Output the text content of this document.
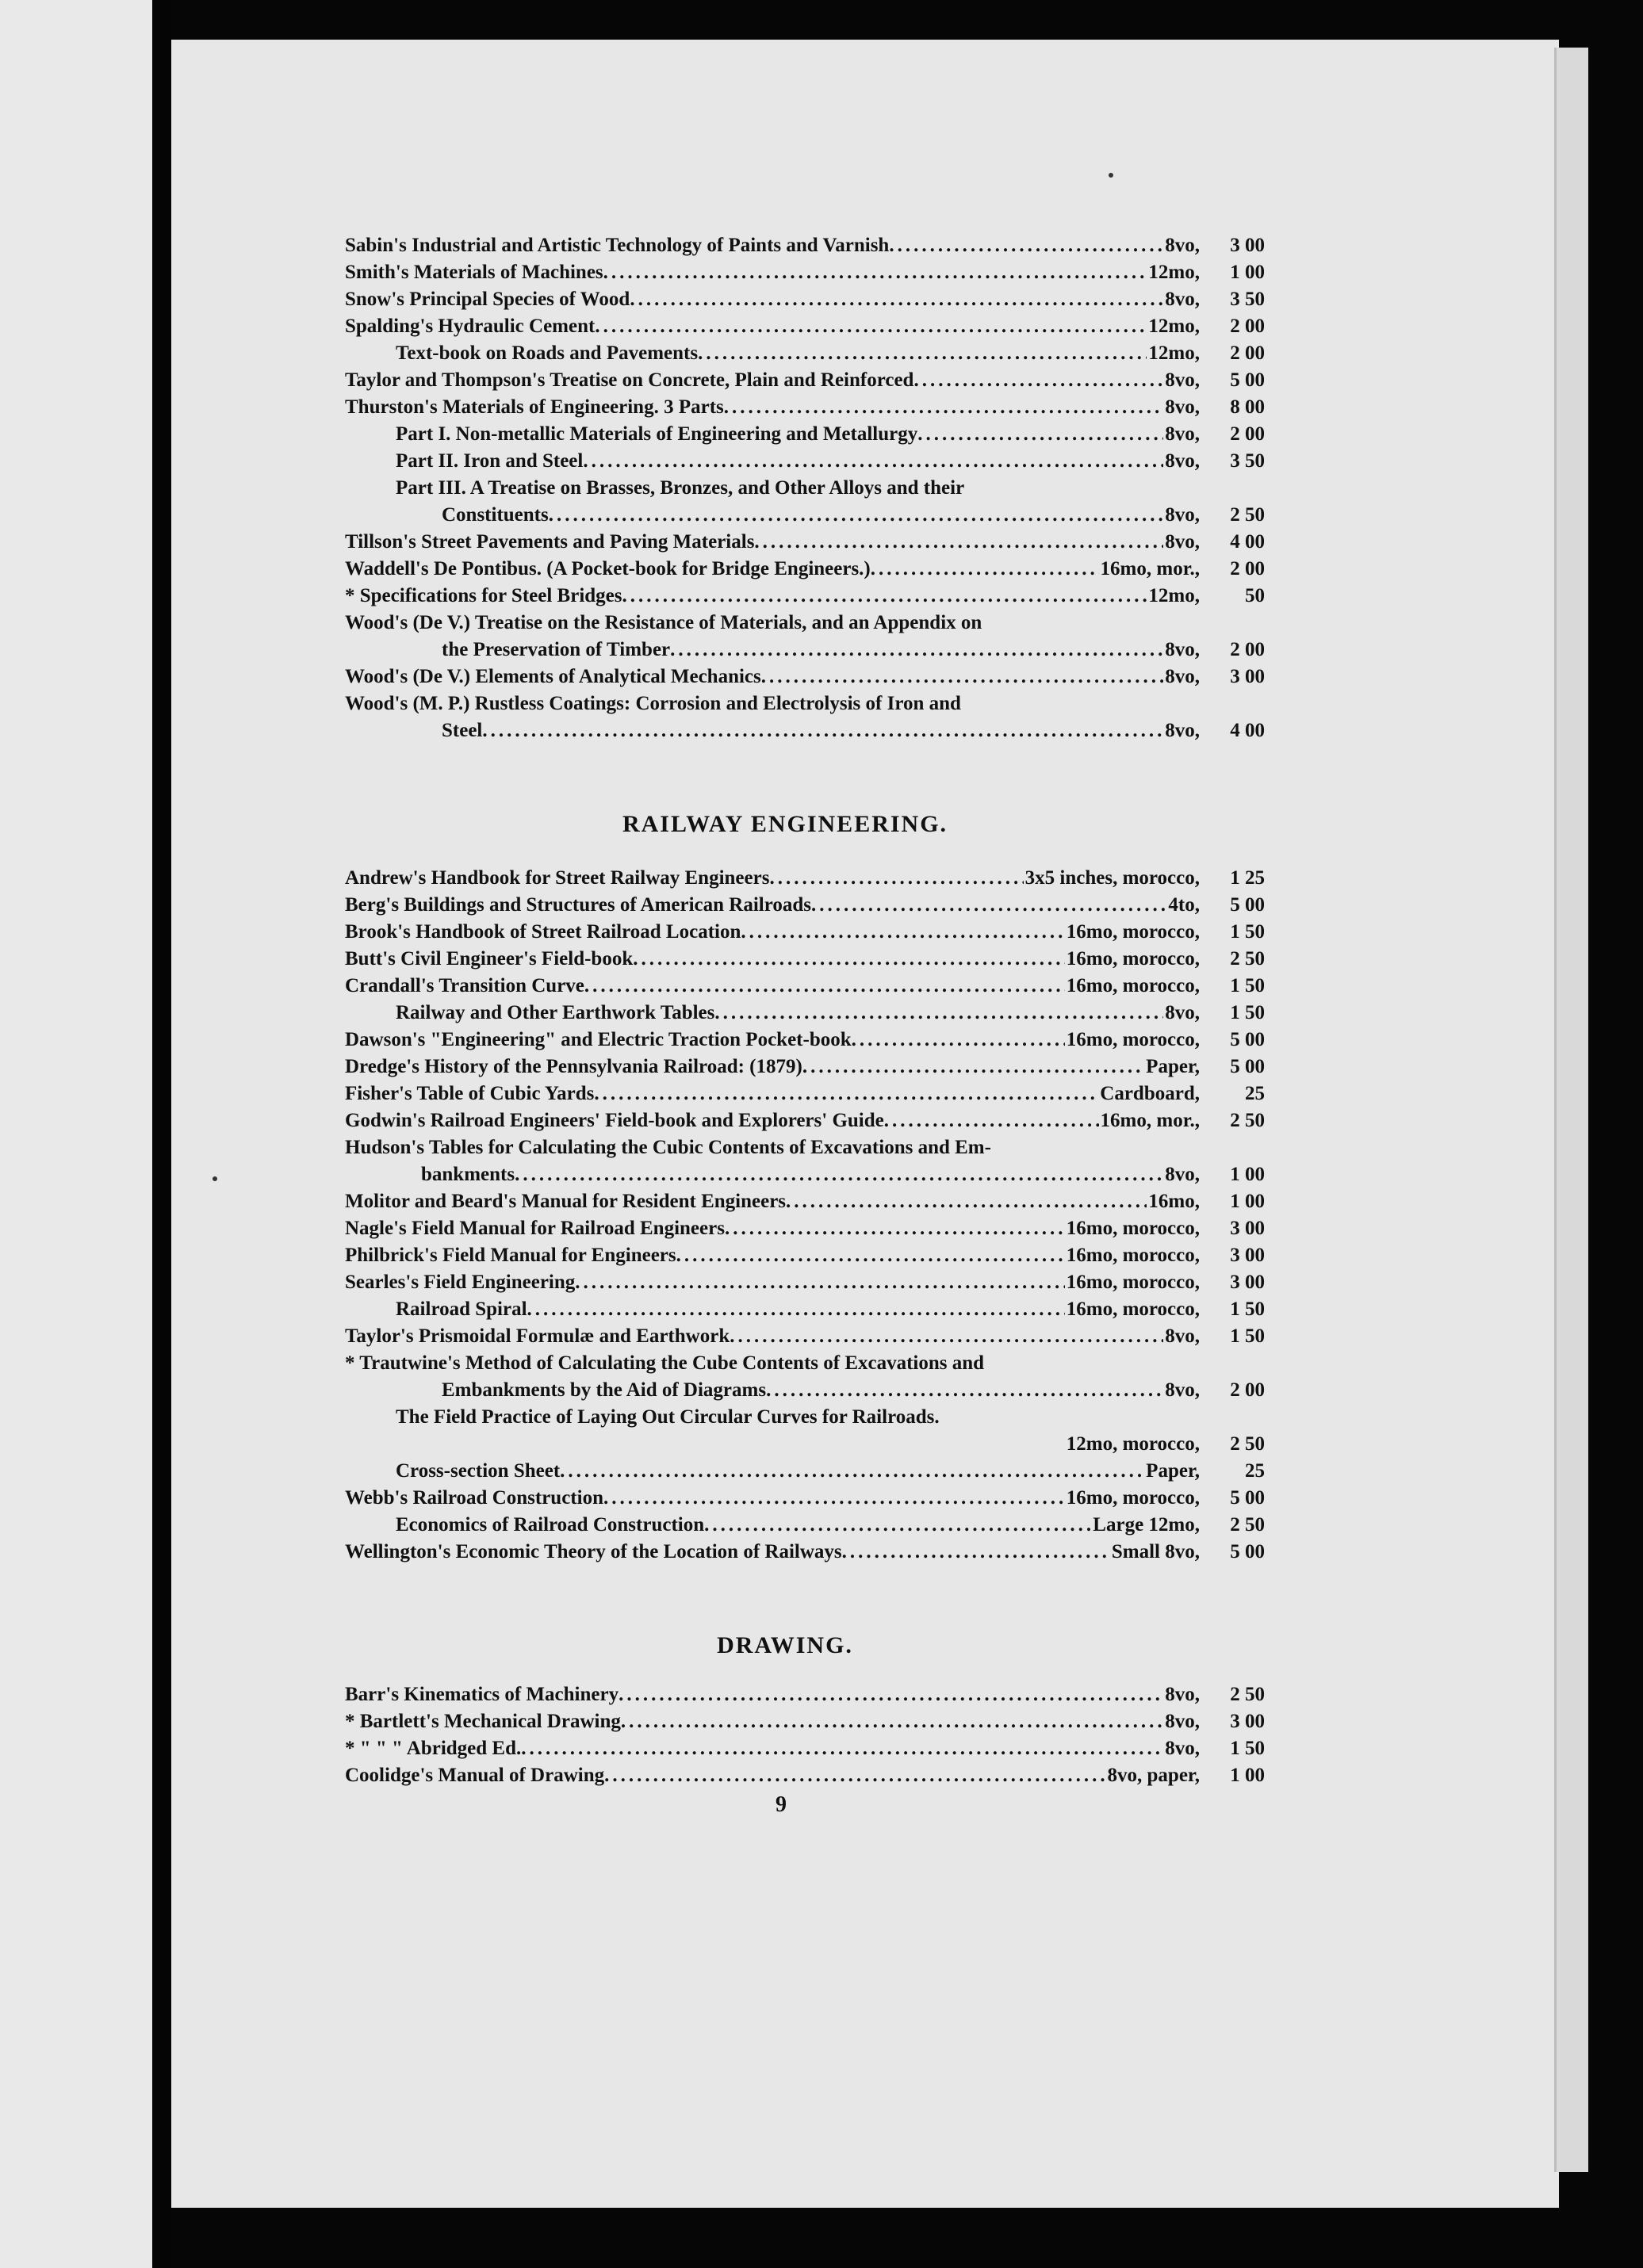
Sabin's Industrial and Artistic Technology of Paints and Varnish .....	8vo,	3 00
Smith's Materials of Machines .....	12mo,	1 00
Snow's Principal Species of Wood .....	8vo,	3 50
Spalding's Hydraulic Cement .....	12mo,	2 00
Text-book on Roads and Pavements .....	12mo,	2 00
Taylor and Thompson's Treatise on Concrete, Plain and Reinforced .....	8vo,	5 00
Thurston's Materials of Engineering. 3 Parts .....	8vo,	8 00
Part I. Non-metallic Materials of Engineering and Metallurgy .....	8vo,	2 00
Part II. Iron and Steel .....	8vo,	3 50
Part III. A Treatise on Brasses, Bronzes, and Other Alloys and their
Constituents .....	8vo,	2 50
Tillson's Street Pavements and Paving Materials .....	8vo,	4 00
Waddell's De Pontibus. (A Pocket-book for Bridge Engineers.) .....	16mo, mor.,	2 00
* Specifications for Steel Bridges .....	12mo,	50
Wood's (De V.) Treatise on the Resistance of Materials, and an Appendix on
the Preservation of Timber .....	8vo,	2 00
Wood's (De V.) Elements of Analytical Mechanics .....	8vo,	3 00
Wood's (M. P.) Rustless Coatings: Corrosion and Electrolysis of Iron and
Steel .....	8vo,	4 00
RAILWAY ENGINEERING.
Andrew's Handbook for Street Railway Engineers .....	3x5 inches, morocco,	1 25
Berg's Buildings and Structures of American Railroads .....	4to,	5 00
Brook's Handbook of Street Railroad Location .....	16mo, morocco,	1 50
Butt's Civil Engineer's Field-book .....	16mo, morocco,	2 50
Crandall's Transition Curve .....	16mo, morocco,	1 50
Railway and Other Earthwork Tables .....	8vo,	1 50
Dawson's "Engineering" and Electric Traction Pocket-book .....	16mo, morocco,	5 00
Dredge's History of the Pennsylvania Railroad: (1879) .....	Paper,	5 00
Fisher's Table of Cubic Yards .....	Cardboard,	25
Godwin's Railroad Engineers' Field-book and Explorers' Guide .....	16mo, mor.,	2 50
Hudson's Tables for Calculating the Cubic Contents of Excavations and Em-
bankments .....	8vo,	1 00
Molitor and Beard's Manual for Resident Engineers .....	16mo,	1 00
Nagle's Field Manual for Railroad Engineers .....	16mo, morocco,	3 00
Philbrick's Field Manual for Engineers .....	16mo, morocco,	3 00
Searles's Field Engineering .....	16mo, morocco,	3 00
Railroad Spiral .....	16mo, morocco,	1 50
Taylor's Prismoidal Formulæ and Earthwork .....	8vo,	1 50
* Trautwine's Method of Calculating the Cube Contents of Excavations and
Embankments by the Aid of Diagrams .....	8vo,	2 00
The Field Practice of Laying Out Circular Curves for Railroads.
12mo, morocco,	2 50
Cross-section Sheet .....	Paper,	25
Webb's Railroad Construction .....	16mo, morocco,	5 00
Economics of Railroad Construction .....	Large 12mo,	2 50
Wellington's Economic Theory of the Location of Railways .....	Small 8vo,	5 00
DRAWING.
Barr's Kinematics of Machinery .....	8vo,	2 50
* Bartlett's Mechanical Drawing .....	8vo,	3 00
* " " " Abridged Ed. .....	8vo,	1 50
Coolidge's Manual of Drawing .....	8vo, paper,	1 00
9
